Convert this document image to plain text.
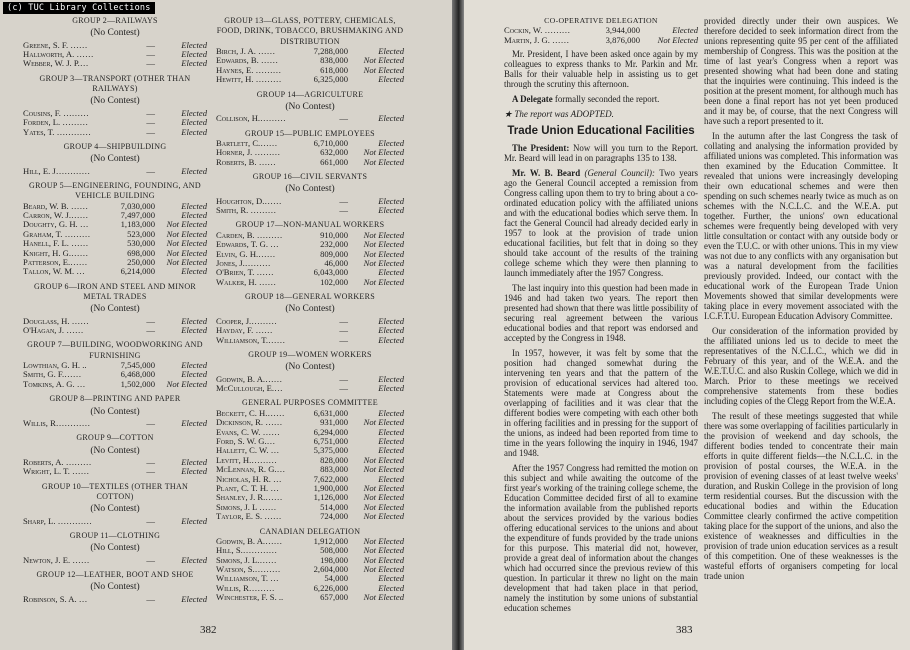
(c) TUC Library Collections
GROUP 2—RAILWAYS
(No Contest)
Greene, S. F. ……	—	Elected
Hallworth, A. ……	—	Elected
Webber, W. J. P.…	—	Elected
GROUP 3—TRANSPORT (OTHER THAN RAILWAYS)
(No Contest)
Cousins, F. ………	—	Elected
Forden, L. ………	—	Elected
Yates, T. …………	—	Elected
GROUP 4—SHIPBUILDING
(No Contest)
Hill, E. J…………	—	Elected
GROUP 5—ENGINEERING, FOUNDING, AND VEHICLE BUILDING
Beard, W. B. ……	7,030,000	Elected
Carron, W. J.……	7,497,000	Elected
Doughty, G. H. …	1,183,000	Not Elected
Graham, T. ………	523,000	Not Elected
Hanell, F. L. ……	530,000	Not Elected
Knight, H. G.……	698,000	Not Elected
Patterson, E.……	250,000	Not Elected
Tallon, W. M. …	6,214,000	Elected
GROUP 6—IRON AND STEEL AND MINOR METAL TRADES
(No Contest)
Douglass, H. ……	—	Elected
O'Hagan, J. ……	—	Elected
GROUP 7—BUILDING, WOODWORKING AND FURNISHING
Lowthian, G. H. ..	7,545,000	Elected
Smith, G. F.……	6,468,000	Elected
Tomkins, A. G. …	1,502,000	Not Elected
GROUP 8—PRINTING AND PAPER
(No Contest)
Willis, R…………	—	Elected
GROUP 9—COTTON
(No Contest)
Roberts, A. ………	—	Elected
Wright, L. T. ……	—	Elected
GROUP 10—TEXTILES (OTHER THAN COTTON)
(No Contest)
Sharp, L. …………	—	Elected
GROUP 11—CLOTHING
(No Contest)
Newton, J. E. ……	—	Elected
GROUP 12—LEATHER, BOOT AND SHOE
(No Contest)
Robinson, S. A. …	—	Elected
GROUP 13—GLASS, POTTERY, CHEMICALS, FOOD, DRINK, TOBACCO, BRUSHMAKING AND DISTRIBUTION
Birch, J. A. ……	7,288,000	Elected
Edwards, B. ……	838,000	Not Elected
Haynes, E. ………	618,000	Not Elected
Hewitt, H. ………	6,325,000	Elected
GROUP 14—AGRICULTURE
(No Contest)
Collison, H.………	—	Elected
GROUP 15—PUBLIC EMPLOYEES
Bartlett, C.……	6,710,000	Elected
Horner, J. ………	632,000	Not Elected
Roberts, B. ……	661,000	Not Elected
GROUP 16—CIVIL SERVANTS
(No Contest)
Houghton, D.……	—	Elected
Smith, R. ………	—	Elected
GROUP 17—NON-MANUAL WORKERS
Carden, B. ………	910,000	Not Elected
Edwards, T. G. …	232,000	Not Elected
Elvin, G. H.……	809,000	Not Elected
Jones, J.………	46,000	Not Elected
O'Brien, T. ……	6,043,000	Elected
Walker, H. ……	102,000	Not Elected
GROUP 18—GENERAL WORKERS
(No Contest)
Cooper, J.………	—	Elected
Hayday, F. ……	—	Elected
Williamson, T.……	—	Elected
GROUP 19—WOMEN WORKERS
(No Contest)
Godwin, B. A.……	—	Elected
McCullough, E.…	—	Elected
GENERAL PURPOSES COMMITTEE
Beckett, C. H.……	6,631,000	Elected
Dickinson, R. ……	931,000	Not Elected
Evans, C. W. ……	6,294,000	Elected
Ford, S. W. G.…	6,751,000	Elected
Hallett, C. W. …	5,375,000	Elected
Levitt, H.………	828,000	Not Elected
McLennan, R. G.…	883,000	Not Elected
Nicholas, H. R. …	7,622,000	Elected
Plant, C. T. H. …	1,900,000	Not Elected
Shanley, J. R.……	1,126,000	Not Elected
Simons, J. L ……	514,000	Not Elected
Taylor, E. S. ……	724,000	Not Elected
CANADIAN DELEGATION
Godwin, B. A.……	1,912,000	Not Elected
Hill, S.…………	508,000	Not Elected
Simons, J. L.……	198,000	Not Elected
Watson, S.………	2,604,000	Not Elected
Williamson, T. …	54,000	Elected
Willis, R………	6,226,000	Elected
Winchester, F. S. ..	657,000	Not Elected
382
CO-OPERATIVE DELEGATION
Cockin, W. ………	3,944,000	Elected
Martin, J. G. ……	3,876,000	Not Elected

Mr. President, I have been asked once again by my colleagues to express thanks to Mr. Parkin and Mr. Balls for their valuable help in assisting us to get through the scrutiny this afternoon.

A Delegate formally seconded the report.

★ The report was ADOPTED.
Trade Union Educational Facilities

The President: Now will you turn to the Report. Mr. Beard will lead in on paragraphs 135 to 138.

Mr. W. B. Beard (General Council): Two years ago the General Council accepted a remission from Congress calling upon them to try to bring about a co-ordinated education policy with the affiliated unions and with the educational bodies which serve them. In fact the General Council had already decided early in 1957 to look at the provision of trade union educational facilities, but felt that in doing so they should take account of the results of the training college scheme which they were then planning to launch immediately after the 1957 Congress.

The last inquiry into this question had been made in 1946 and had taken two years. The report then presented had shown that there was little possibility of securing real agreement between the various educational bodies and that report was endorsed and accepted by the Congress in 1948.

In 1957, however, it was felt by some that the position had changed somewhat during the intervening ten years and that the pattern of the provision of educational services had altered too. Statements were made at Congress about the overlapping of facilities and it was clear that the different bodies were competing with each other both in offering facilities and in pressing for the support of the unions, as indeed had been reported from time to time in the years following the inquiry in 1946, 1947 and 1948.

After the 1957 Congress had remitted the motion on this subject and while awaiting the outcome of the first year's working of the training college scheme, the Education Committee decided first of all to examine the information available from the published reports about the services provided by the various bodies offering educational services to the unions and about the expenditure of funds provided by the trade unions for this purpose. This material did not, however, provide a great deal of information about the changes which had occurred since the previous review of this question. In particular it threw no light on the main development that had taken place in that period, namely the institution by some unions of substantial education schemes

provided directly under their own auspices. We therefore decided to seek information direct from the unions representing quite 95 per cent of the affiliated membership of Congress. This was the position at the time of last year's Congress when a report was presented showing what had been done and stating that the inquiries were continuing. This indeed is the position at the present moment, for although much has been done a final report has not yet been produced and it may be, of course, that the next Congress will have such a report presented to it.

In the autumn after the last Congress the task of collating and analysing the information provided by affiliated unions was completed. This information was then examined by the Education Committee. It revealed that unions were increasingly developing their own educational schemes and were then spending on such schemes nearly twice as much as on schemes with the N.C.L.C. and the W.E.A. put together. Further, the unions' own educational schemes were frequently being developed with very little consultation or contact with any outside body or even the T.U.C. or with other unions. This in my view was not due to any conflicts with any organisation but was a natural development from the facilities previously provided. Indeed, our contact with the educational work of the European Trade Union Movements showed that similar developments were taking place in every movement associated with the I.C.F.T.U. European Education Advisory Committee.

Our consideration of the information provided by the affiliated unions led us to decide to meet the representatives of the N.C.L.C., which we did in February of this year, and of the W.E.A. and the W.E.T.U.C. and also Ruskin College, which we did in March. Prior to these meetings we received comprehensive statements from these bodies including copies of the Clegg Report from the W.E.A.

The result of these meetings suggested that while there was some overlapping of facilities particularly in the provision of weekend and day schools, the different bodies tended to concentrate their main efforts in quite different fields—the N.C.L.C. in the provision of postal courses, the W.E.A. in the provision of evening classes of at least twelve weeks' duration, and Ruskin College in the provision of long term residential courses. But the discussion with the educational bodies and within the Education Committee clearly confirmed the active competition taking place for the support of the unions, and also the existence of weaknesses and difficulties in the provision of trade union education services as a result of this competition. One of these weaknesses is the wasteful efforts of organisers competing for local trade union

383
